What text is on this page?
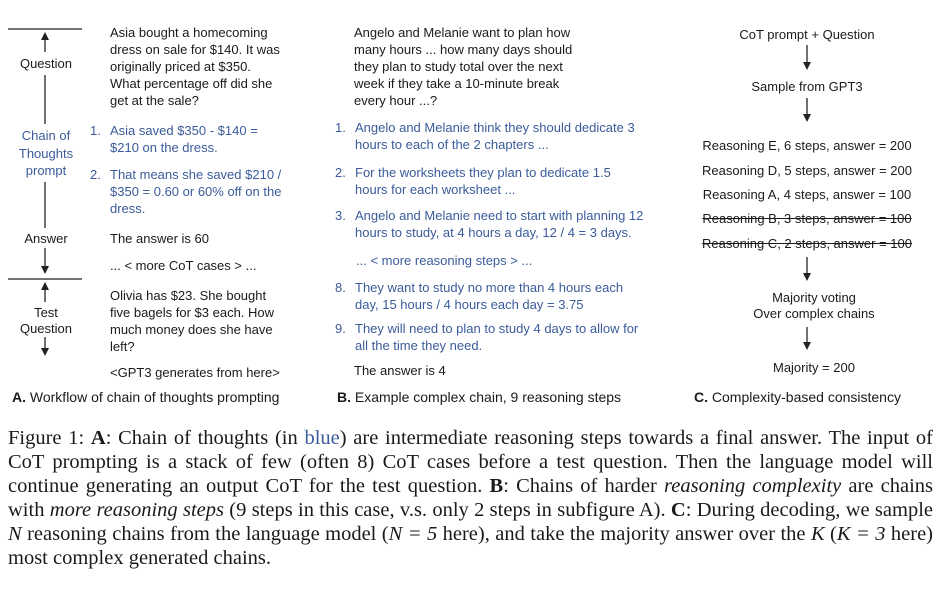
Question
Chain of
Thoughts
prompt
Answer
Test
Question
Asia bought a homecoming
dress on sale for $140. It was
originally priced at $350.
What percentage off did she
get at the sale?
1. Asia saved $350 - $140 =
$210 on the dress.
2. That means she saved $210 /
$350 = 0.60 or 60% off on the
dress.
The answer is 60
... < more CoT cases > ...
Olivia has $23. She bought
five bagels for $3 each. How
much money does she have
left?
<GPT3 generates from here>
A. Workflow of chain of thoughts prompting
Angelo and Melanie want to plan how
many hours ... how many days should
they plan to study total over the next
week if they take a 10-minute break
every hour ...?
1. Angelo and Melanie think they should dedicate 3
hours to each of the 2 chapters ...
2. For the worksheets they plan to dedicate 1.5
hours for each worksheet ...
3. Angelo and Melanie need to start with planning 12
hours to study, at 4 hours a day, 12 / 4 = 3 days.
... < more reasoning steps > ...
8. They want to study no more than 4 hours each
day, 15 hours / 4 hours each day = 3.75
9. They will need to plan to study 4 days to allow for
all the time they need.
The answer is 4
B. Example complex chain, 9 reasoning steps
CoT prompt + Question
Sample from GPT3
Reasoning E, 6 steps, answer = 200
Reasoning D, 5 steps, answer = 200
Reasoning A, 4 steps, answer = 100
Reasoning B, 3 steps, answer = 100
Reasoning C, 2 steps, answer = 100
Majority voting
Over complex chains
Majority = 200
C. Complexity-based consistency

Figure 1: A: Chain of thoughts (in blue) are intermediate reasoning steps towards a final answer. The input of CoT prompting is a stack of few (often 8) CoT cases before a test question. Then the language model will continue generating an output CoT for the test question. B: Chains of harder reasoning complexity are chains with more reasoning steps (9 steps in this case, v.s. only 2 steps in subfigure A). C: During decoding, we sample N reasoning chains from the language model (N = 5 here), and take the majority answer over the K (K = 3 here) most complex generated chains.
